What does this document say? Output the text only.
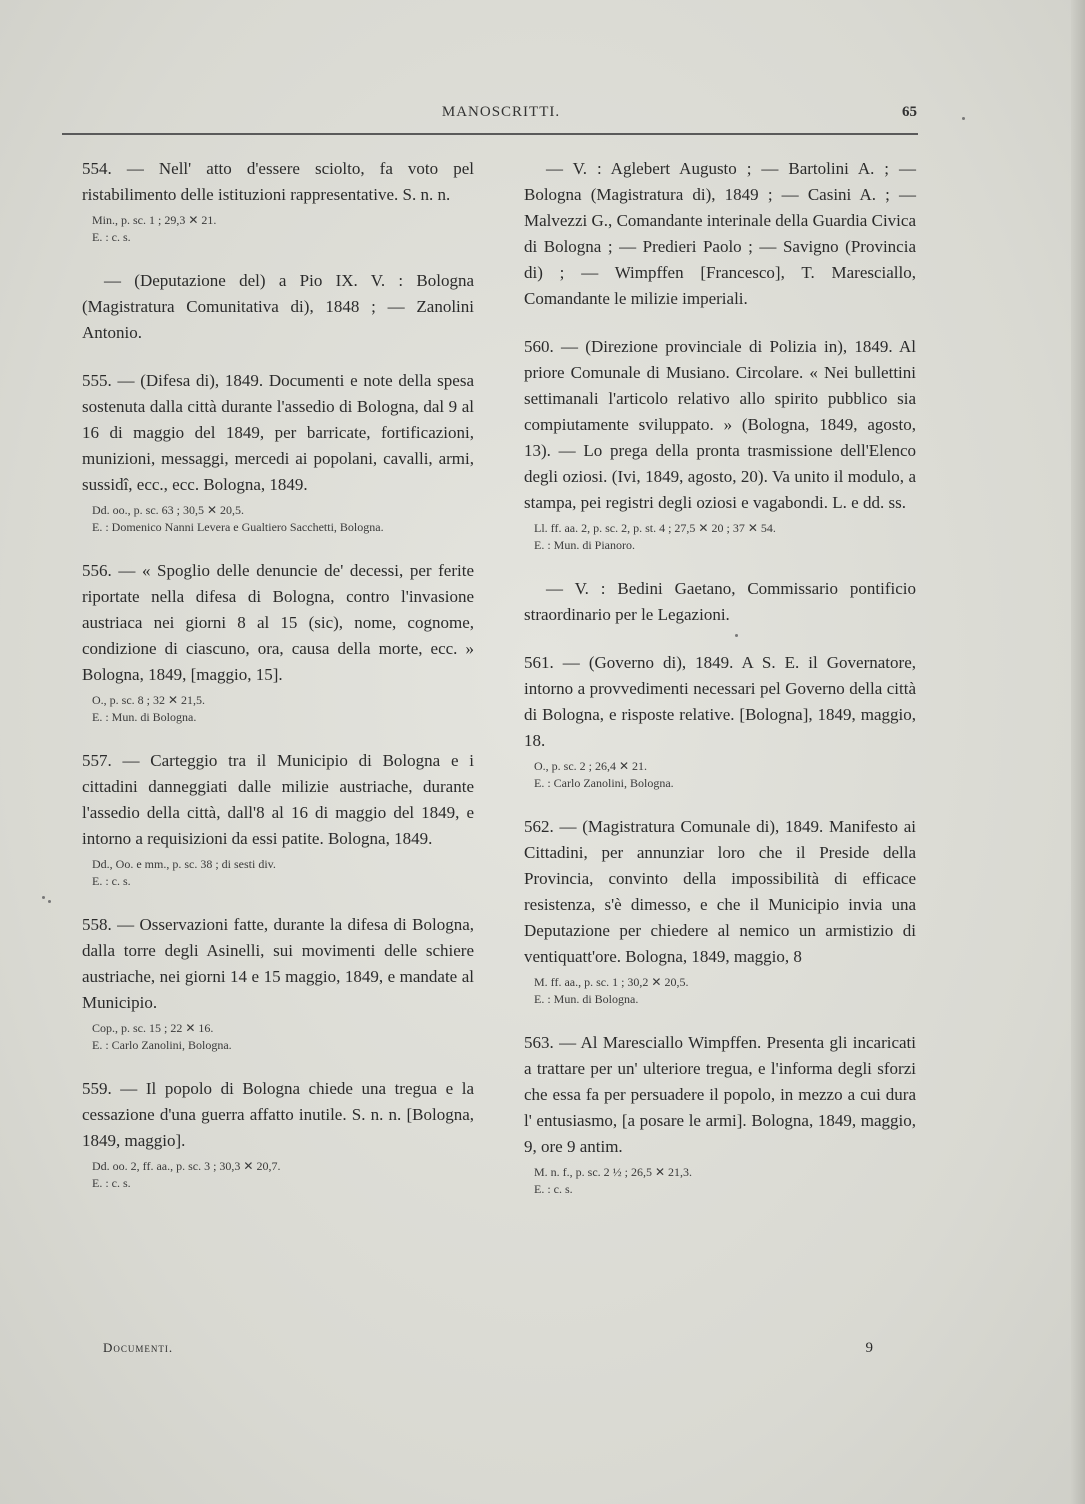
MANOSCRITTI.	65

554. — Nell' atto d'essere sciolto, fa voto pel ristabilimento delle istituzioni rappresentative. S. n. n.

Min., p. sc. 1 ; 29,3 ✕ 21.
E. : c. s.

— (Deputazione del) a Pio IX. V. : Bologna (Magistratura Comunitativa di), 1848 ; — Zanolini Antonio.

555. — (Difesa di), 1849. Documenti e note della spesa sostenuta dalla città durante l'assedio di Bologna, dal 9 al 16 di maggio del 1849, per barricate, fortificazioni, munizioni, messaggi, mercedi ai popolani, cavalli, armi, sussidî, ecc., ecc. Bologna, 1849.

Dd. oo., p. sc. 63 ; 30,5 ✕ 20,5.
E. : Domenico Nanni Levera e Gualtiero Sacchetti, Bologna.

556. — « Spoglio delle denuncie de' decessi, per ferite riportate nella difesa di Bologna, contro l'invasione austriaca nei giorni 8 al 15 (sic), nome, cognome, condizione di ciascuno, ora, causa della morte, ecc. » Bologna, 1849, [maggio, 15].

O., p. sc. 8 ; 32 ✕ 21,5.
E. : Mun. di Bologna.

557. — Carteggio tra il Municipio di Bologna e i cittadini danneggiati dalle milizie austriache, durante l'assedio della città, dall'8 al 16 di maggio del 1849, e intorno a requisizioni da essi patite. Bologna, 1849.

Dd., Oo. e mm., p. sc. 38 ; di sesti div.
E. : c. s.

558. — Osservazioni fatte, durante la difesa di Bologna, dalla torre degli Asinelli, sui movimenti delle schiere austriache, nei giorni 14 e 15 maggio, 1849, e mandate al Municipio.

Cop., p. sc. 15 ; 22 ✕ 16.
E. : Carlo Zanolini, Bologna.

559. — Il popolo di Bologna chiede una tregua e la cessazione d'una guerra affatto inutile. S. n. n. [Bologna, 1849, maggio].

Dd. oo. 2, ff. aa., p. sc. 3 ; 30,3 ✕ 20,7.
E. : c. s.

— V. : Aglebert Augusto ; — Bartolini A. ; — Bologna (Magistratura di), 1849 ; — Casini A. ; — Malvezzi G., Comandante interinale della Guardia Civica di Bologna ; — Predieri Paolo ; — Savigno (Provincia di) ; — Wimpffen [Francesco], T. Maresciallo, Comandante le milizie imperiali.

560. — (Direzione provinciale di Polizia in), 1849. Al priore Comunale di Musiano. Circolare. « Nei bullettini settimanali l'articolo relativo allo spirito pubblico sia compiutamente sviluppato. » (Bologna, 1849, agosto, 13). — Lo prega della pronta trasmissione dell'Elenco degli oziosi. (Ivi, 1849, agosto, 20). Va unito il modulo, a stampa, pei registri degli oziosi e vagabondi. L. e dd. ss.

Ll. ff. aa. 2, p. sc. 2, p. st. 4 ; 27,5 ✕ 20 ; 37 ✕ 54.
E. : Mun. di Pianoro.

— V. : Bedini Gaetano, Commissario pontificio straordinario per le Legazioni.

561. — (Governo di), 1849. A S. E. il Governatore, intorno a provvedimenti necessari pel Governo della città di Bologna, e risposte relative. [Bologna], 1849, maggio, 18.

O., p. sc. 2 ; 26,4 ✕ 21.
E. : Carlo Zanolini, Bologna.

562. — (Magistratura Comunale di), 1849. Manifesto ai Cittadini, per annunziar loro che il Preside della Provincia, convinto della impossibilità di efficace resistenza, s'è dimesso, e che il Municipio invia una Deputazione per chiedere al nemico un armistizio di ventiquatt'ore. Bologna, 1849, maggio, 8

M. ff. aa., p. sc. 1 ; 30,2 ✕ 20,5.
E. : Mun. di Bologna.

563. — Al Maresciallo Wimpffen. Presenta gli incaricati a trattare per un' ulteriore tregua, e l'informa degli sforzi che essa fa per persuadere il popolo, in mezzo a cui dura l' entusiasmo, [a posare le armi]. Bologna, 1849, maggio, 9, ore 9 antim.

M. n. f., p. sc. 2 ½ ; 26,5 ✕ 21,3.
E. : c. s.
Documenti.	9
